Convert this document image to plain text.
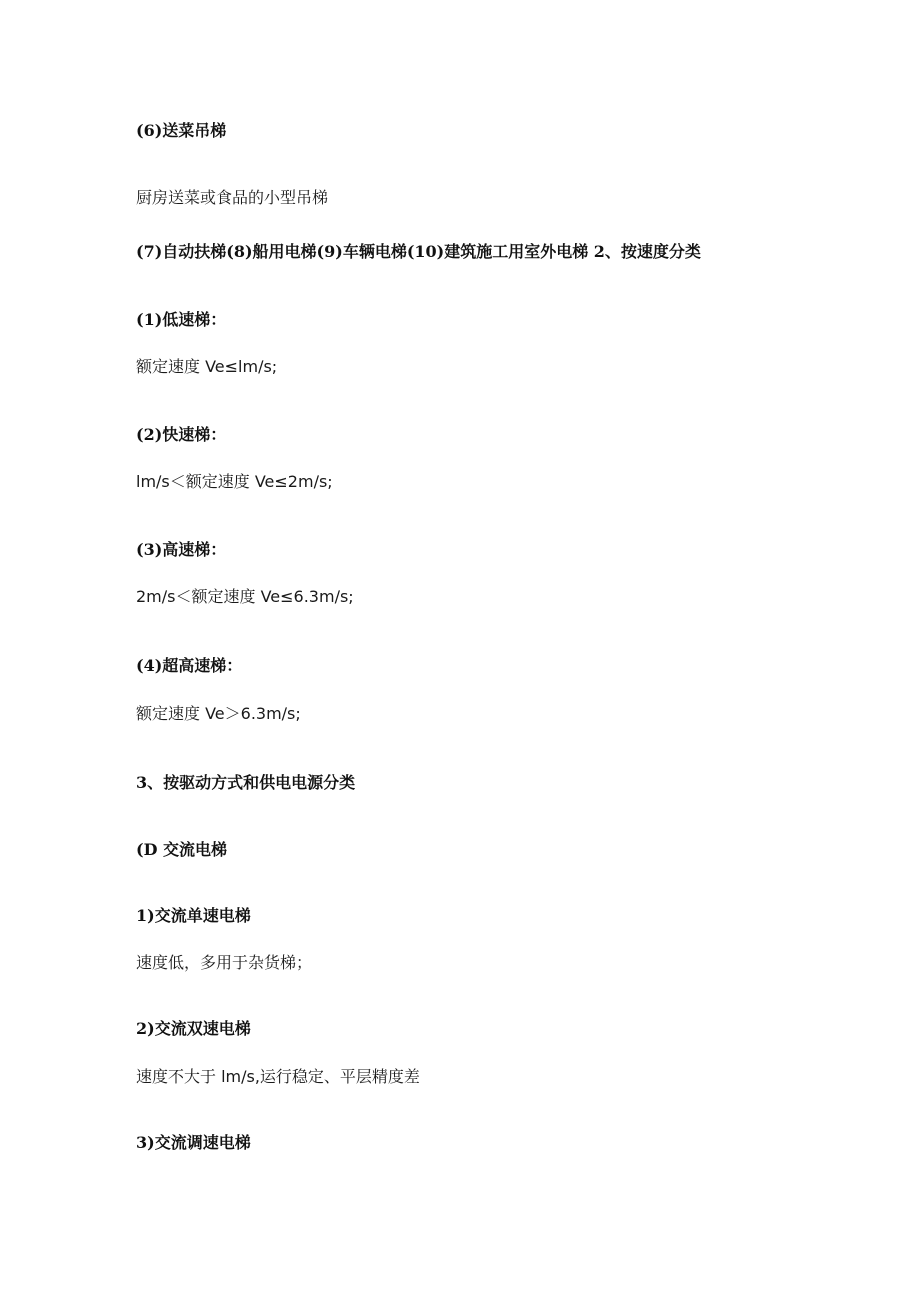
(6)送菜吊梯

厨房送菜或食品的小型吊梯

(7)自动扶梯(8)船用电梯(9)车辆电梯(10)建筑施工用室外电梯 2、按速度分类

(1)低速梯：

额定速度 Ve≤lm∕s;

(2)快速梯：

lm∕s＜额定速度 Ve≤2m∕s;

(3)高速梯：

2m∕s＜额定速度 Ve≤6.3m∕s;

(4)超高速梯：

额定速度 Ve＞6.3m∕s;

3、按驱动方式和供电电源分类

(D 交流电梯

1)交流单速电梯

速度低，多用于杂货梯；

2)交流双速电梯

速度不大于 lm/s,运行稳定、平层精度差

3)交流调速电梯
